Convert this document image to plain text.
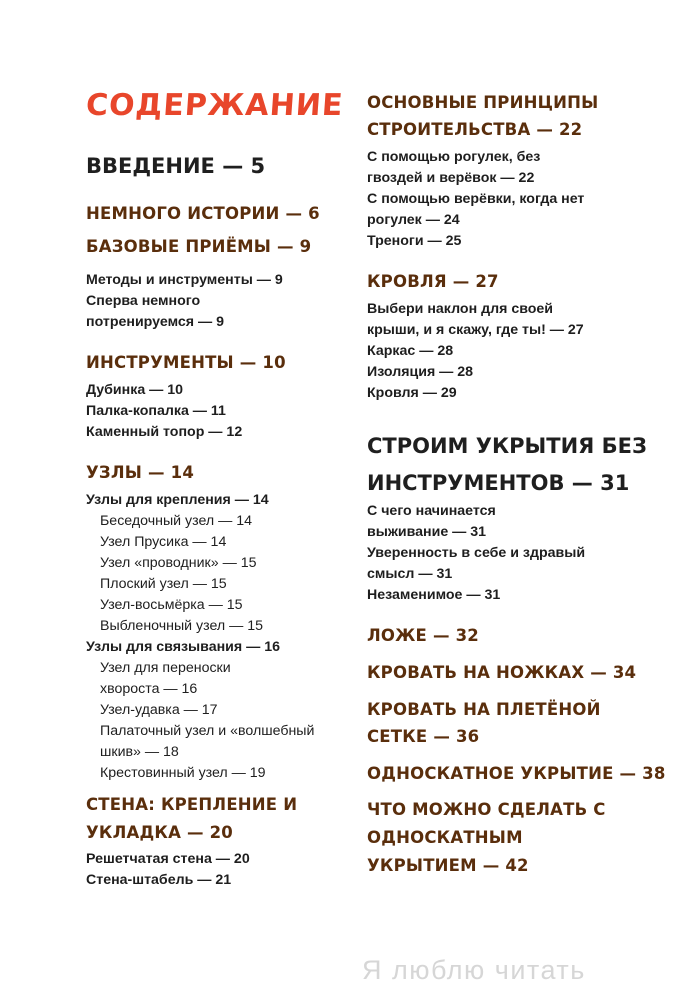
СОДЕРЖАНИЕ
ВВЕДЕНИЕ — 5
НЕМНОГО ИСТОРИИ — 6
БАЗОВЫЕ ПРИЁМЫ — 9
Методы и инструменты — 9
Сперва немного
потренируемся — 9
ИНСТРУМЕНТЫ — 10
Дубинка — 10
Палка-копалка — 11
Каменный топор — 12
УЗЛЫ — 14
Узлы для крепления — 14
Беседочный узел — 14
Узел Прусика — 14
Узел «проводник» — 15
Плоский узел — 15
Узел-восьмёрка — 15
Выбленочный узел — 15
Узлы для связывания — 16
Узел для переноски
хвороста — 16
Узел-удавка — 17
Палаточный узел и «волшебный
шкив» — 18
Крестовинный узел — 19
СТЕНА: КРЕПЛЕНИЕ И
УКЛАДКА — 20
Решетчатая стена — 20
Стена-штабель — 21
ОСНОВНЫЕ ПРИНЦИПЫ
СТРОИТЕЛЬСТВА — 22
С помощью рогулек, без
гвоздей и верёвок — 22
С помощью верёвки, когда нет
рогулек — 24
Треноги — 25
КРОВЛЯ — 27
Выбери наклон для своей
крыши, и я скажу, где ты! — 27
Каркас — 28
Изоляция — 28
Кровля — 29
СТРОИМ УКРЫТИЯ БЕЗ
ИНСТРУМЕНТОВ — 31
С чего начинается
выживание — 31
Уверенность в себе и здравый
смысл — 31
Незаменимое — 31
ЛОЖЕ — 32
КРОВАТЬ НА НОЖКАХ — 34
КРОВАТЬ НА ПЛЕТЁНОЙ
СЕТКЕ — 36
ОДНОСКАТНОЕ УКРЫТИЕ — 38
ЧТО МОЖНО СДЕЛАТЬ С
ОДНОСКАТНЫМ
УКРЫТИЕМ — 42
Я люблю читать
